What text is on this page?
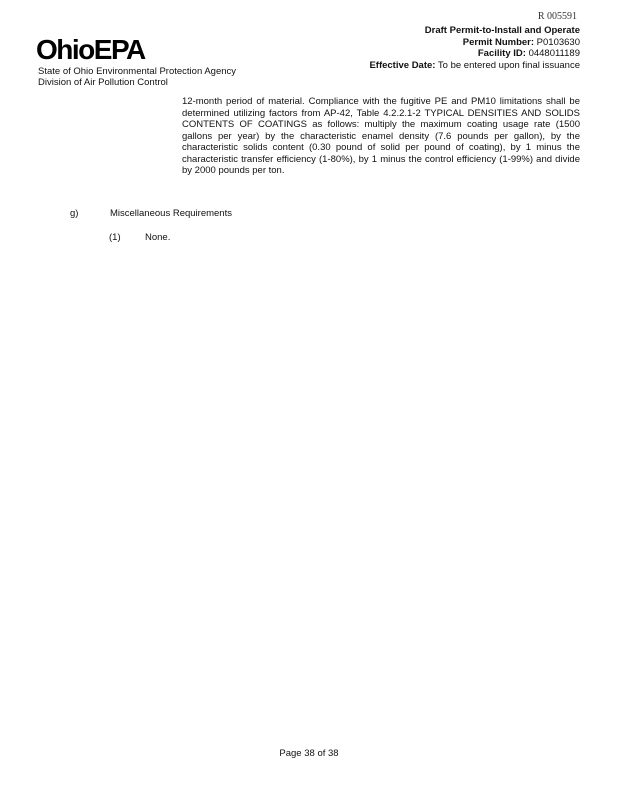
R 005591
OhioEPA
State of Ohio Environmental Protection Agency
Division of Air Pollution Control
Draft Permit-to-Install and Operate
Permit Number: P0103630
Facility ID: 0448011189
Effective Date: To be entered upon final issuance
12-month period of material. Compliance with the fugitive PE and PM10 limitations shall be determined utilizing factors from AP-42, Table 4.2.2.1-2 TYPICAL DENSITIES AND SOLIDS CONTENTS OF COATINGS as follows: multiply the maximum coating usage rate (1500 gallons per year) by the characteristic enamel density (7.6 pounds per gallon), by the characteristic solids content (0.30 pound of solid per pound of coating), by 1 minus the characteristic transfer efficiency (1-80%), by 1 minus the control efficiency (1-99%) and divide by 2000 pounds per ton.
g)	Miscellaneous Requirements
(1)	None.
Page 38 of 38
